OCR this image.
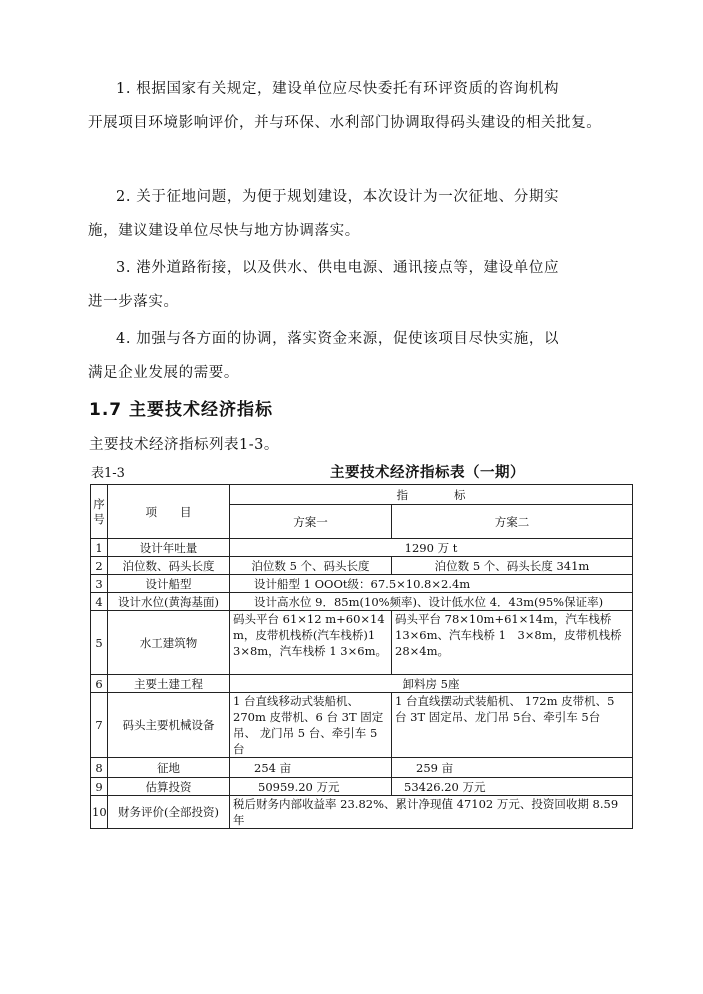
1. 根据国家有关规定，建设单位应尽快委托有环评资质的咨询机构
开展项目环境影响评价，并与环保、水利部门协调取得码头建设的相关批复。

2. 关于征地问题，为便于规划建设，本次设计为一次征地、分期实
施，建议建设单位尽快与地方协调落实。

3. 港外道路衔接，以及供水、供电电源、通讯接点等，建设单位应
进一步落实。

4. 加强与各方面的协调，落实资金来源，促使该项目尽快实施，以
满足企业发展的需要。

1.7 主要技术经济指标
主要技术经济指标列表1-3。
表1-3	主要技术经济指标表（一期）
序号	项　　目	指　　　　标	
		方案一	方案二
1	设计年吐量	1290 万 t	
2	泊位数、码头长度	泊位数 5 个、码头长度	泊位数 5 个、码头长度 341m
3	设计船型	设计船型 1 OOOt级：67.5×10.8×2.4m	
4	设计水位(黄海基面)	设计高水位 9．85m(10%频率)、设计低水位 4．43m(95%保证率)	
5	水工建筑物	码头平台 61×12 m+60×14 m，皮带机栈桥(汽车栈桥)1 3×8m，汽车栈桥 1 3×6m。	码头平台 78×10m+61×14m，汽车栈桥 13×6m、汽车栈桥 1　3×8m，皮带机栈桥 28×4m。
6	主要土建工程	卸料房 5座	
7	码头主要机械设备	1 台直线移动式装船机、 270m 皮带机、6 台 3T 固定吊、 龙门吊 5 台、牵引车 5 台	1 台直线摆动式装船机、 172m 皮带机、5 台 3T 固定吊、龙门吊 5台、牵引车 5台
8	征地	254 亩	259 亩
9	估算投资	50959.20 万元	53426.20 万元
10	财务评价(全部投资)	税后财务内部收益率 23.82%、累计净现值 47102 万元、投资回收期 8.59 年	
